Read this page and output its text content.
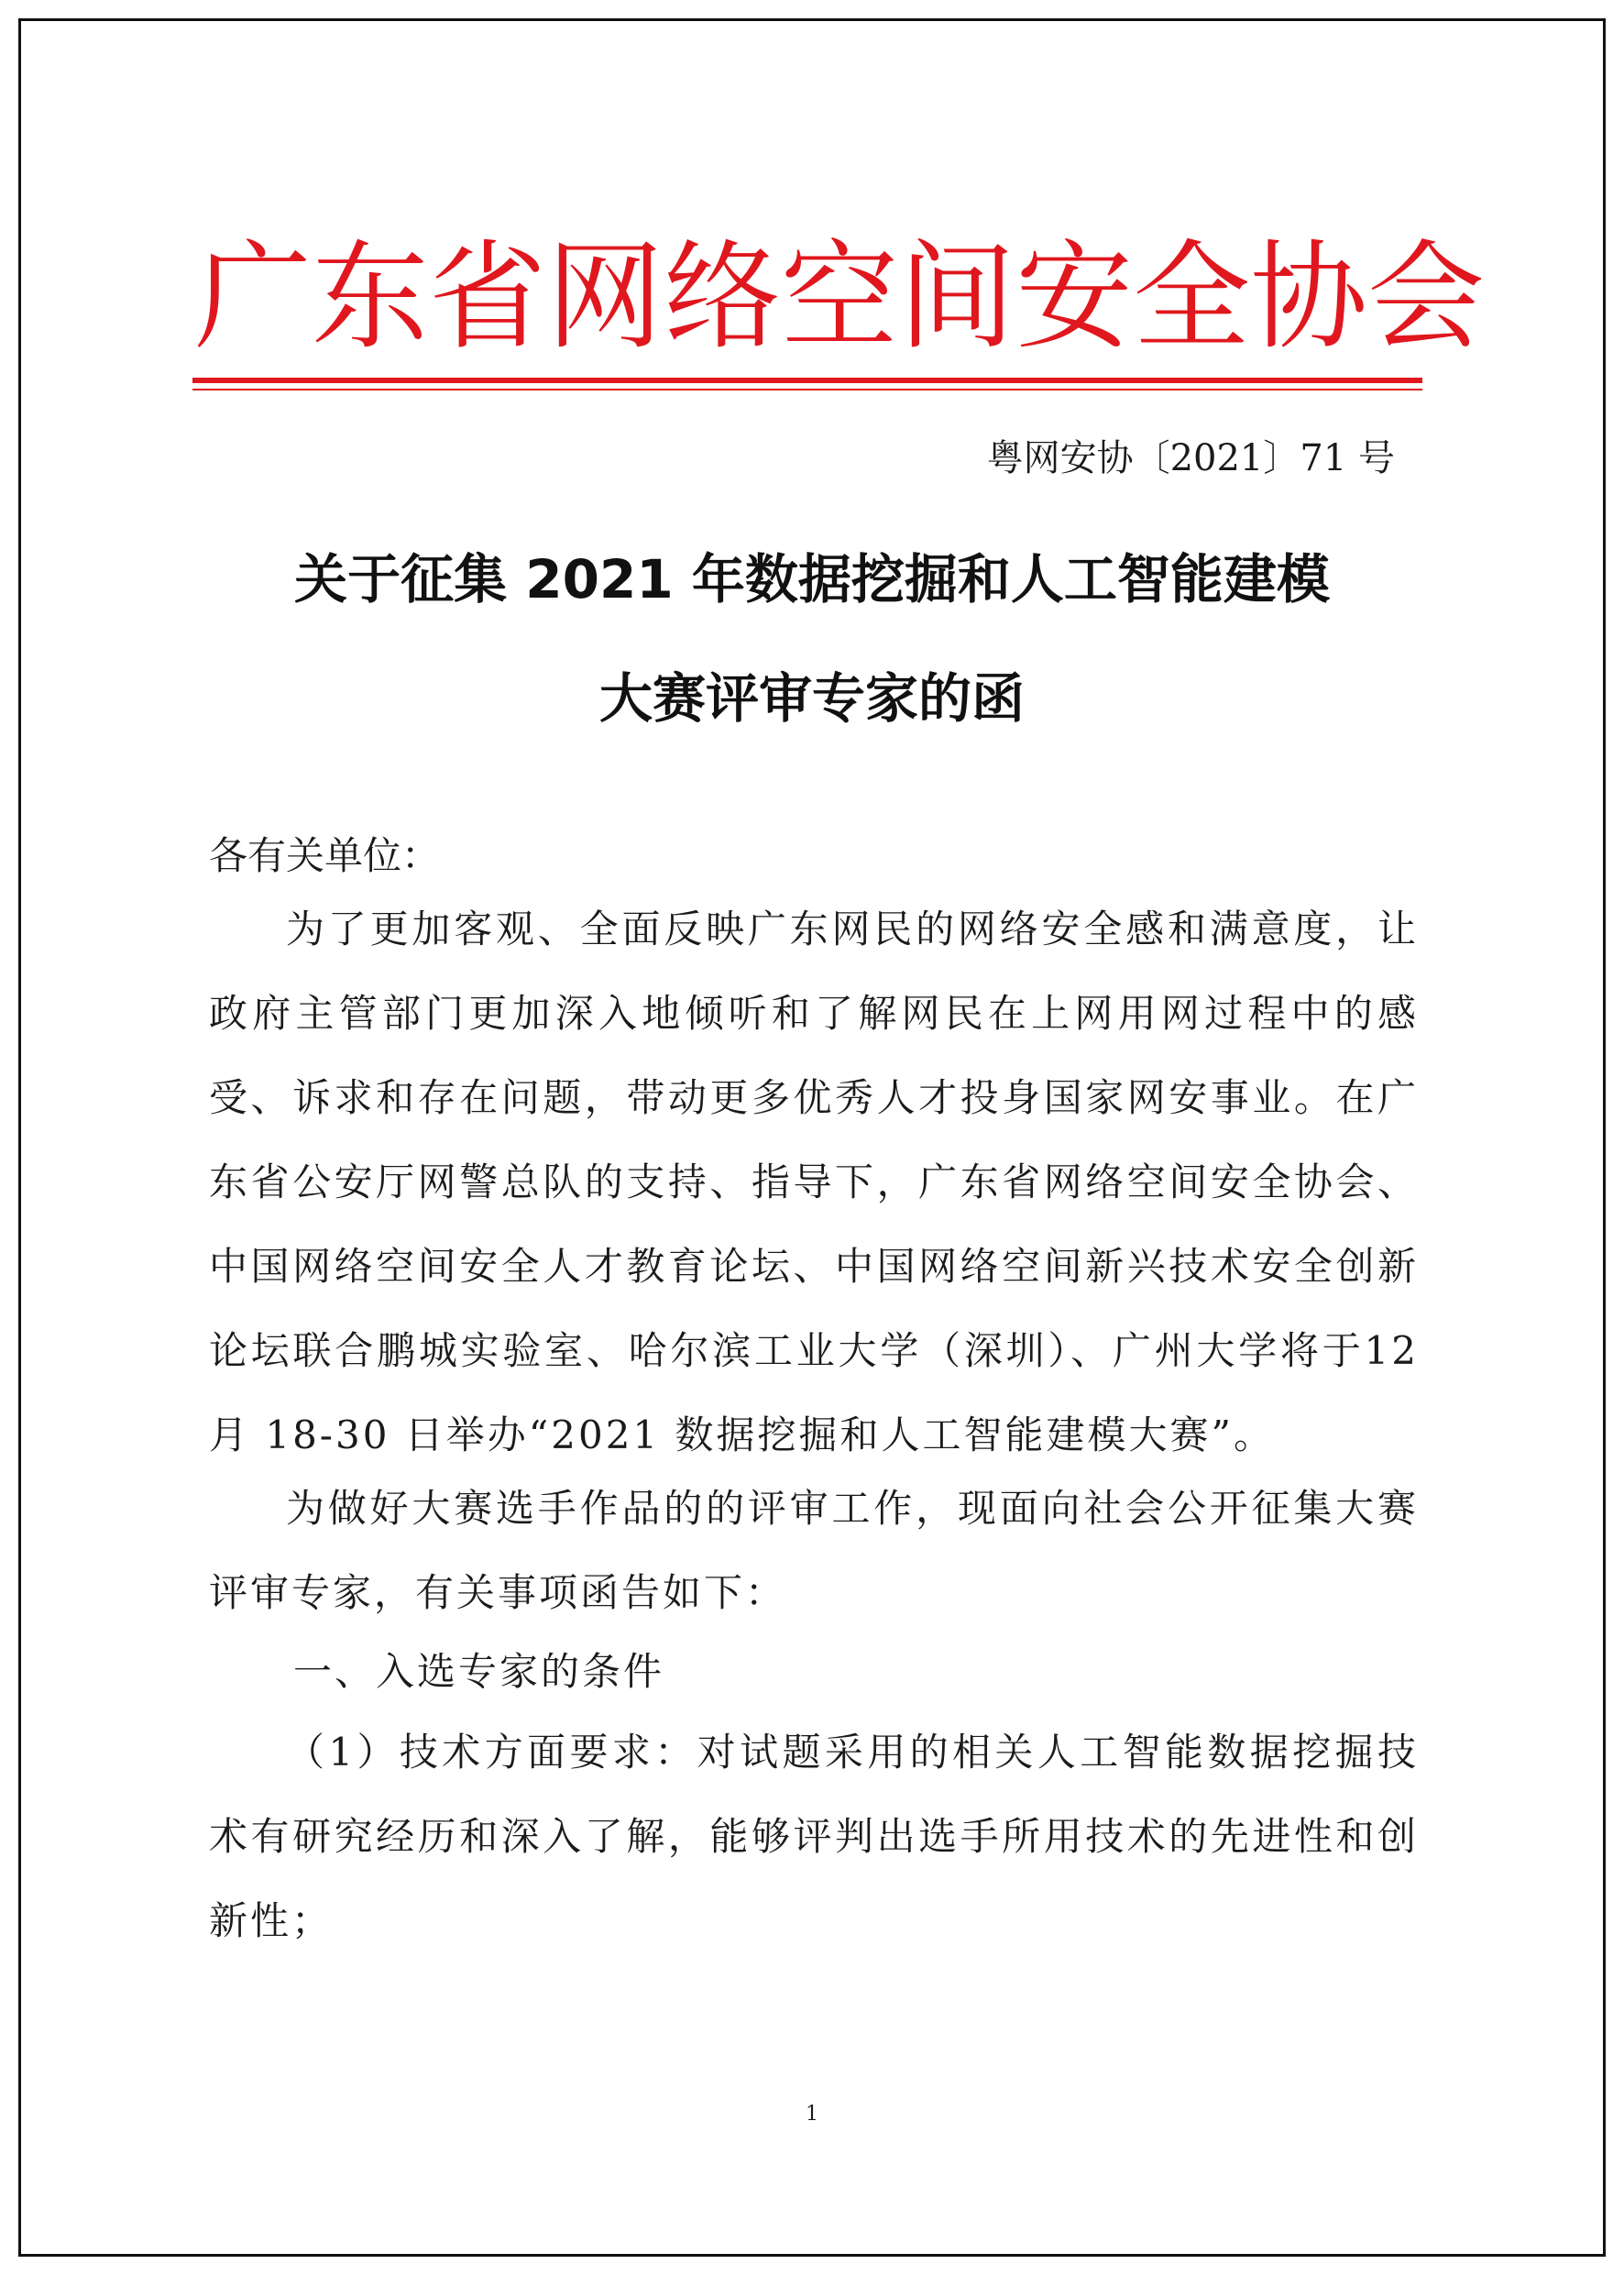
广 东 省 网 络 空 间 安 全 协 会
粤网安协〔2021〕71 号
关于征集 2021 年数据挖掘和人工智能建模
大赛评审专家的函
各有关单位：
为了更加客观、全面反映广东网民的网络安全感和满意度，让政府主管部门更加深入地倾听和了解网民在上网用网过程中的感受、诉求和存在问题，带动更多优秀人才投身国家网安事业。在广东省公安厅网警总队的支持、指导下，广东省网络空间安全协会、中国网络空间安全人才教育论坛、中国网络空间新兴技术安全创新论坛联合鹏城实验室、哈尔滨工业大学（深圳）、广州大学将于12 月 18-30 日举办“2021 数据挖掘和人工智能建模大赛”。
为做好大赛选手作品的的评审工作，现面向社会公开征集大赛评审专家，有关事项函告如下：
一、入选专家的条件
（1）技术方面要求：对试题采用的相关人工智能数据挖掘技术有研究经历和深入了解，能够评判出选手所用技术的先进性和创新性；
1
